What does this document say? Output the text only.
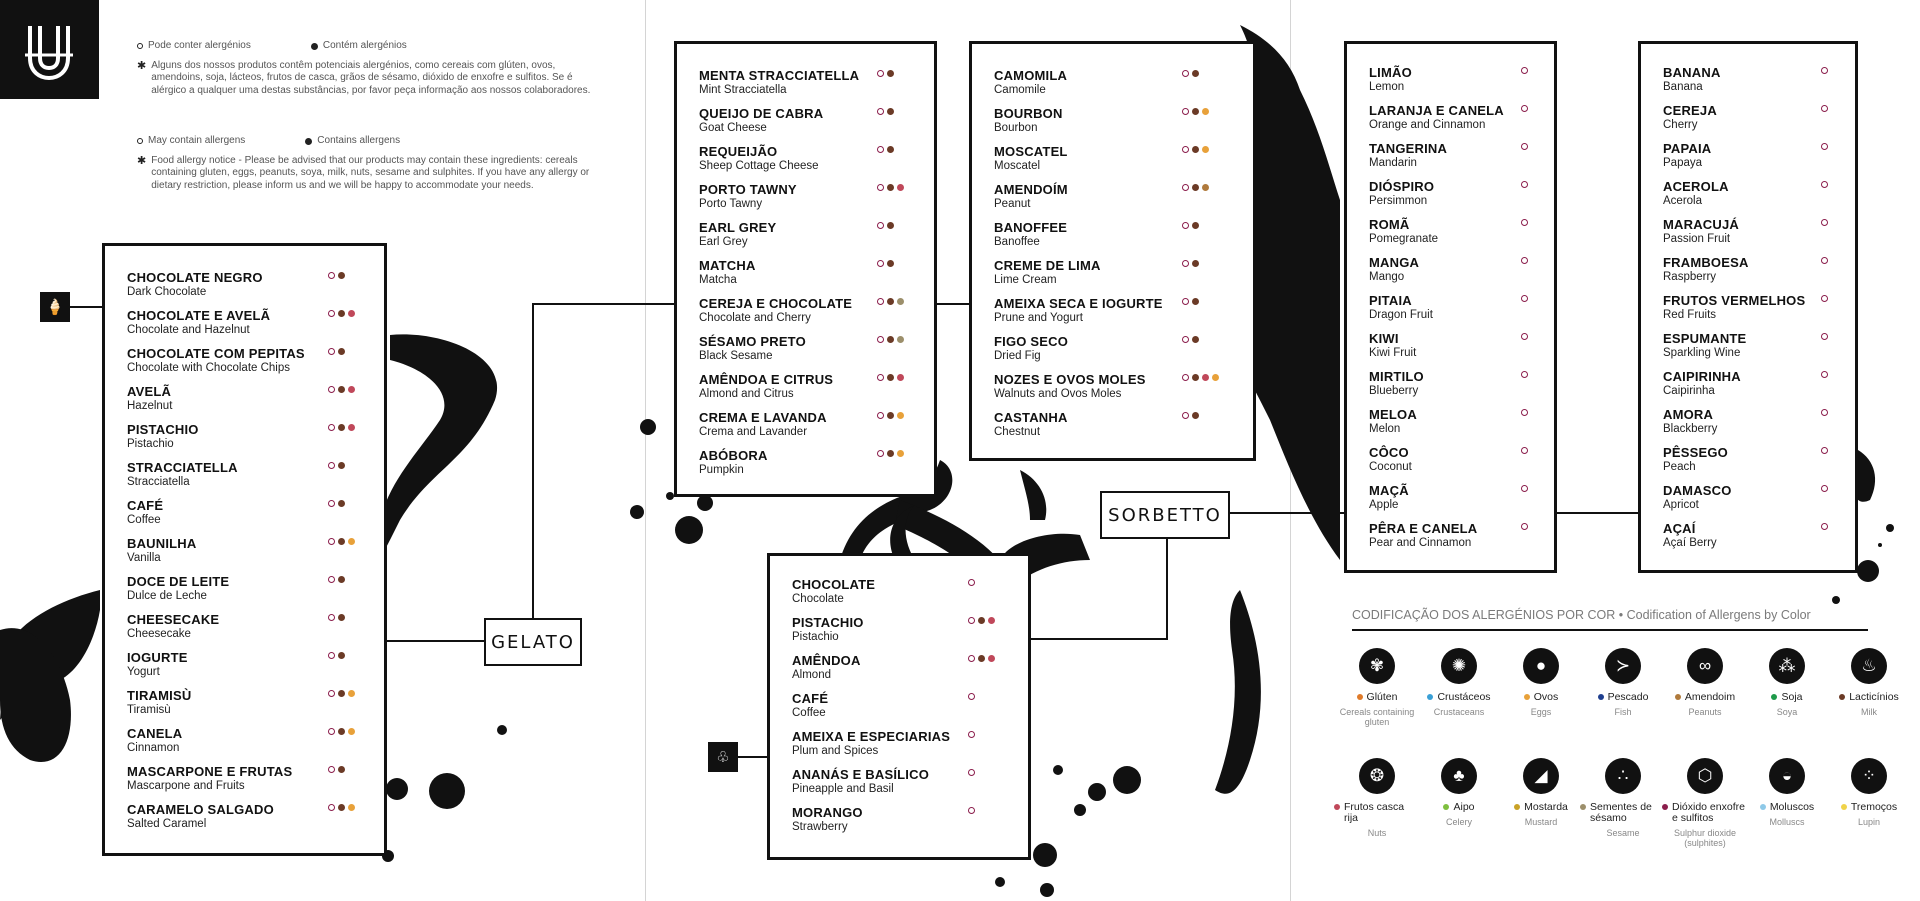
Pode conter alergénios	Contém alergénios
✱ Alguns dos nossos produtos contêm potenciais alergénios, como cereais com glúten, ovos, amendoins, soja, lácteos, frutos de casca, grãos de sésamo, dióxido de enxofre e sulfitos. Se é alérgico a qualquer uma destas substâncias, por favor peça informação aos nossos colaboradores.
May contain allergens	Contains allergens
✱ Food allergy notice - Please be advised that our products may contain these ingredients: cereals containing gluten, eggs, peanuts, soya, milk, nuts, sesame and sulphites. If you have any allergy or dietary restriction, please inform us and we will be happy to accommodate your needs.
🍦
♧
GELATO
SORBETTO
CHOCOLATE NEGRO
Dark Chocolate
CHOCOLATE E AVELÃ
Chocolate and Hazelnut
CHOCOLATE COM PEPITAS
Chocolate with Chocolate Chips
AVELÃ
Hazelnut
PISTACHIO
Pistachio
STRACCIATELLA
Stracciatella
CAFÉ
Coffee
BAUNILHA
Vanilla
DOCE DE LEITE
Dulce de Leche
CHEESECAKE
Cheesecake
IOGURTE
Yogurt
TIRAMISÙ
Tiramisù
CANELA
Cinnamon
MASCARPONE E FRUTAS
Mascarpone and Fruits
CARAMELO SALGADO
Salted Caramel
MENTA STRACCIATELLA
Mint Stracciatella
QUEIJO DE CABRA
Goat Cheese
REQUEIJÃO
Sheep Cottage Cheese
PORTO TAWNY
Porto Tawny
EARL GREY
Earl Grey
MATCHA
Matcha
CEREJA E CHOCOLATE
Chocolate and Cherry
SÉSAMO PRETO
Black Sesame
AMÊNDOA E CITRUS
Almond and Citrus
CREMA E LAVANDA
Crema and Lavander
ABÓBORA
Pumpkin
CAMOMILA
Camomile
BOURBON
Bourbon
MOSCATEL
Moscatel
AMENDOÍM
Peanut
BANOFFEE
Banoffee
CREME DE LIMA
Lime Cream
AMEIXA SECA E IOGURTE
Prune and Yogurt
FIGO SECO
Dried Fig
NOZES E OVOS MOLES
Walnuts and Ovos Moles
CASTANHA
Chestnut
CHOCOLATE
Chocolate
PISTACHIO
Pistachio
AMÊNDOA
Almond
CAFÉ
Coffee
AMEIXA E ESPECIARIAS
Plum and Spices
ANANÁS E BASÍLICO
Pineapple and Basil
MORANGO
Strawberry
LIMÃO
Lemon
LARANJA E CANELA
Orange and Cinnamon
TANGERINA
Mandarin
DIÓSPIRO
Persimmon
ROMÃ
Pomegranate
MANGA
Mango
PITAIA
Dragon Fruit
KIWI
Kiwi Fruit
MIRTILO
Blueberry
MELOA
Melon
CÔCO
Coconut
MAÇÃ
Apple
PÊRA E CANELA
Pear and Cinnamon
BANANA
Banana
CEREJA
Cherry
PAPAIA
Papaya
ACEROLA
Acerola
MARACUJÁ
Passion Fruit
FRAMBOESA
Raspberry
FRUTOS VERMELHOS
Red Fruits
ESPUMANTE
Sparkling Wine
CAIPIRINHA
Caipirinha
AMORA
Blackberry
PÊSSEGO
Peach
DAMASCO
Apricot
AÇAÍ
Açaí Berry
CODIFICAÇÃO DOS ALERGÉNIOS POR COR • Codification of Allergens by Color
✾
Glúten
Cereals containing gluten
✺
Crustáceos
Crustaceans
●
Ovos
Eggs
≻
Pescado
Fish
∞
Amendoim
Peanuts
⁂
Soja
Soya
♨
Lacticínios
Milk
❂
Frutos casca rija
Nuts
♣
Aipo
Celery
◢
Mostarda
Mustard
∴
Sementes de sésamo
Sesame
⬡
Dióxido enxofre e sulfitos
Sulphur dioxide (sulphites)
◒
Moluscos
Molluscs
⁘
Tremoços
Lupin
